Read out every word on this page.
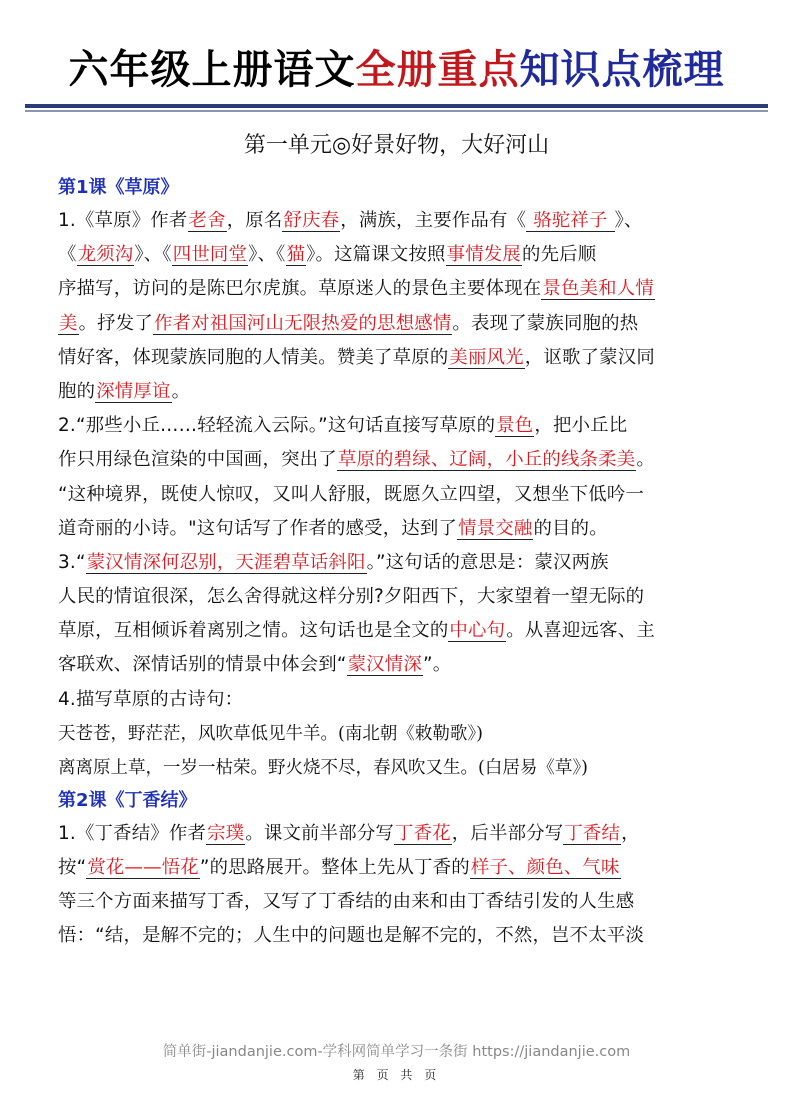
六年级上册语文全册重点知识点梳理
第一单元◎好景好物，大好河山
第1课《草原》
1.《草原》作者老舍，原名舒庆春，满族，主要作品有《 骆驼祥子 》、
《龙须沟》、《四世同堂》、《猫》。这篇课文按照事情发展的先后顺
序描写，访问的是陈巴尔虎旗。草原迷人的景色主要体现在景色美和人情
美。抒发了作者对祖国河山无限热爱的思想感情。表现了蒙族同胞的热
情好客，体现蒙族同胞的人情美。赞美了草原的美丽风光，讴歌了蒙汉同
胞的深情厚谊。
2.“那些小丘……轻轻流入云际。”这句话直接写草原的景色，把小丘比
作只用绿色渲染的中国画，突出了草原的碧绿、辽阔，小丘的线条柔美。
“这种境界，既使人惊叹，又叫人舒服，既愿久立四望，又想坐下低吟一
道奇丽的小诗。"这句话写了作者的感受，达到了情景交融的目的。
3.“蒙汉情深何忍别，天涯碧草话斜阳。”这句话的意思是：蒙汉两族
人民的情谊很深，怎么舍得就这样分别?夕阳西下，大家望着一望无际的
草原，互相倾诉着离别之情。这句话也是全文的中心句。从喜迎远客、主
客联欢、深情话别的情景中体会到“蒙汉情深”。
4.描写草原的古诗句：
天苍苍，野茫茫，风吹草低见牛羊。(南北朝《敕勒歌》)
离离原上草，一岁一枯荣。野火烧不尽，春风吹又生。(白居易《草》)
第2课《丁香结》
1.《丁香结》作者宗璞。课文前半部分写丁香花，后半部分写丁香结，
按“赏花——悟花”的思路展开。整体上先从丁香的样子、颜色、气味
等三个方面来描写丁香，又写了丁香结的由来和由丁香结引发的人生感
悟：“结，是解不完的；人生中的问题也是解不完的，不然，岂不太平淡
简单街-jiandanjie.com-学科网简单学习一条街 https://jiandanjie.com
第 页 共 页
